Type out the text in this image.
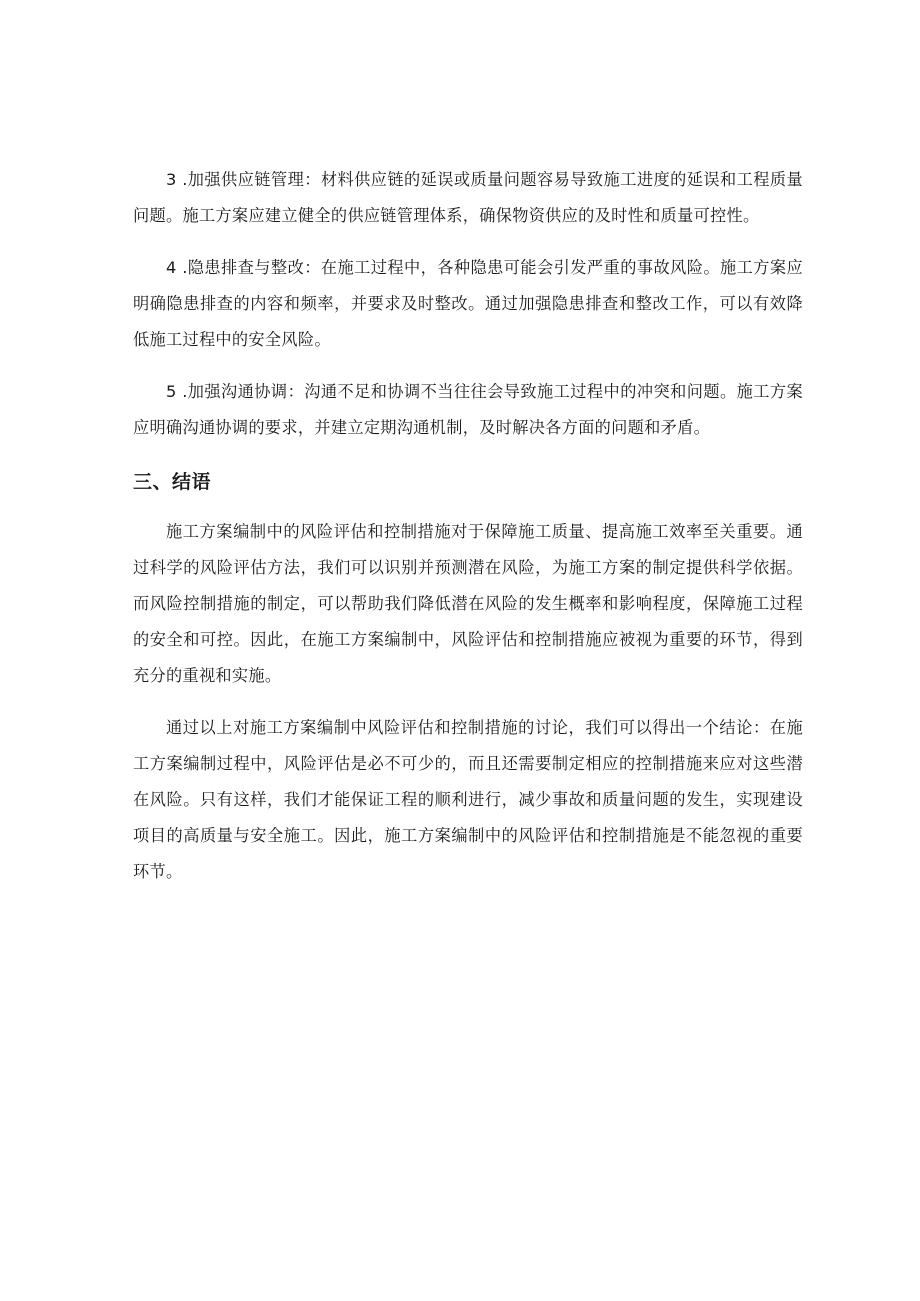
3 .加强供应链管理：材料供应链的延误或质量问题容易导致施工进度的延误和工程质量问题。施工方案应建立健全的供应链管理体系，确保物资供应的及时性和质量可控性。

4 .隐患排查与整改：在施工过程中，各种隐患可能会引发严重的事故风险。施工方案应明确隐患排查的内容和频率，并要求及时整改。通过加强隐患排查和整改工作，可以有效降低施工过程中的安全风险。

5 .加强沟通协调：沟通不足和协调不当往往会导致施工过程中的冲突和问题。施工方案应明确沟通协调的要求，并建立定期沟通机制，及时解决各方面的问题和矛盾。

三、结语

施工方案编制中的风险评估和控制措施对于保障施工质量、提高施工效率至关重要。通过科学的风险评估方法，我们可以识别并预测潜在风险，为施工方案的制定提供科学依据。而风险控制措施的制定，可以帮助我们降低潜在风险的发生概率和影响程度，保障施工过程的安全和可控。因此，在施工方案编制中，风险评估和控制措施应被视为重要的环节，得到充分的重视和实施。

通过以上对施工方案编制中风险评估和控制措施的讨论，我们可以得出一个结论：在施工方案编制过程中，风险评估是必不可少的，而且还需要制定相应的控制措施来应对这些潜在风险。只有这样，我们才能保证工程的顺利进行，减少事故和质量问题的发生，实现建设项目的高质量与安全施工。因此，施工方案编制中的风险评估和控制措施是不能忽视的重要环节。
